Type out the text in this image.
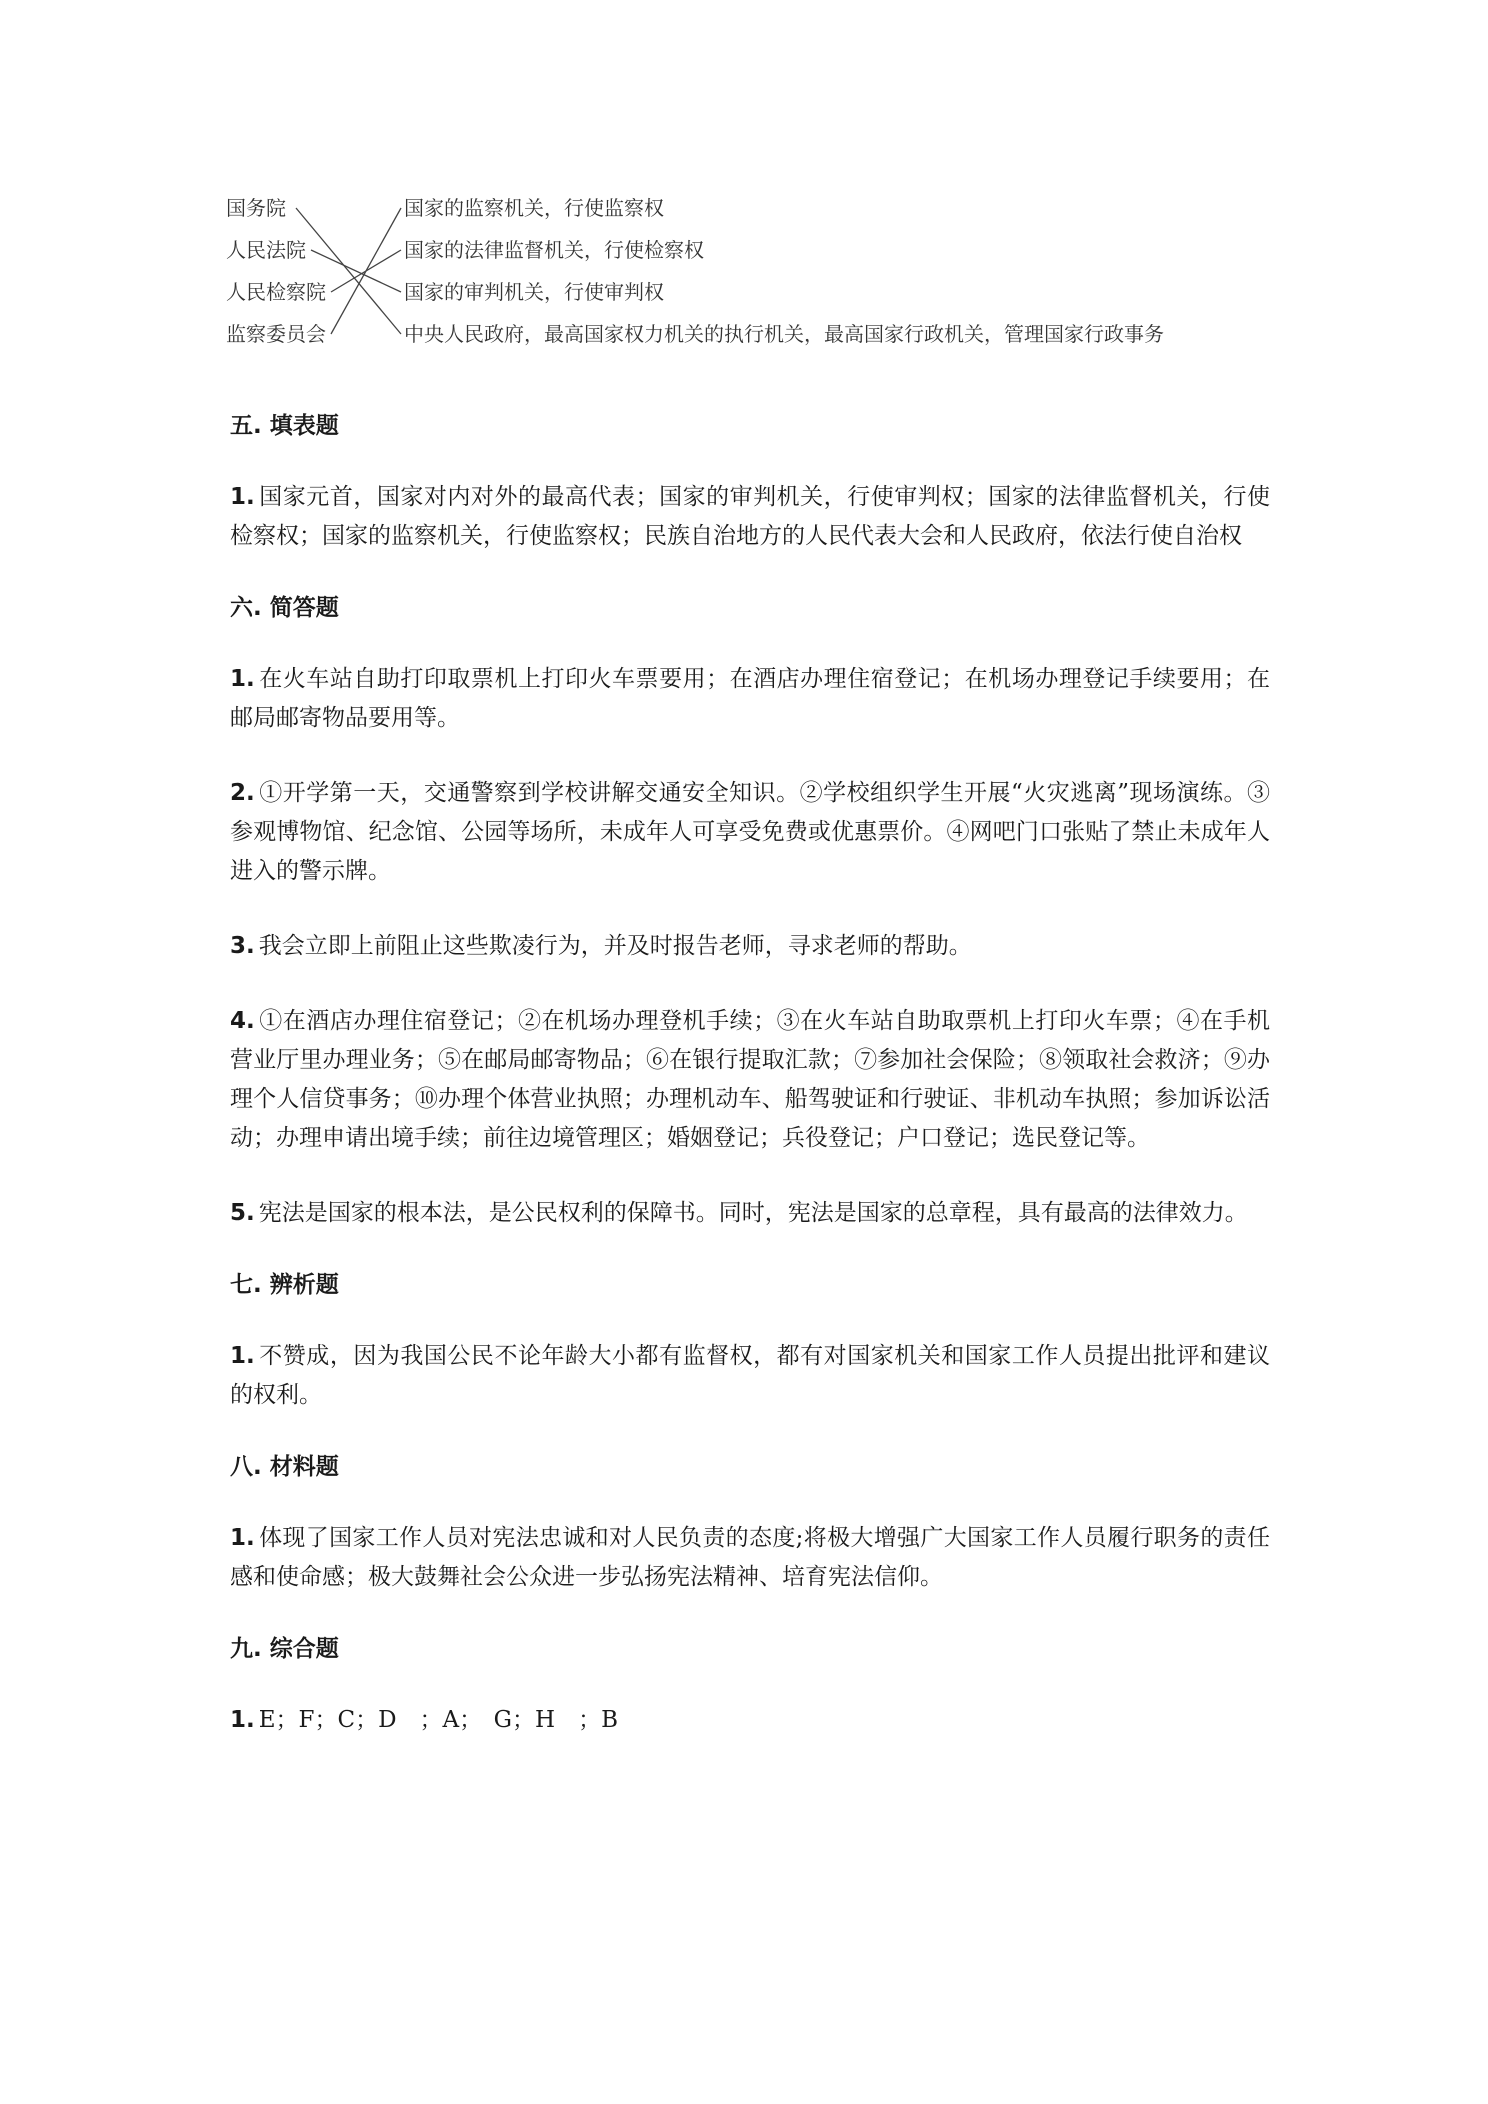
国务院
人民法院
人民检察院
监察委员会
国家的监察机关，行使监察权
国家的法律监督机关，行使检察权
国家的审判机关，行使审判权
中央人民政府，最高国家权力机关的执行机关，最高国家行政机关，管理国家行政事务
五. 填表题

1. 国家元首，国家对内对外的最高代表；国家的审判机关，行使审判权；国家的法律监督机关，行使检察权；国家的监察机关，行使监察权；民族自治地方的人民代表大会和人民政府，依法行使自治权

六. 简答题

1. 在火车站自助打印取票机上打印火车票要用；在酒店办理住宿登记；在机场办理登记手续要用；在邮局邮寄物品要用等。

2. ①开学第一天，交通警察到学校讲解交通安全知识。②学校组织学生开展“火灾逃离”现场演练。③参观博物馆、纪念馆、公园等场所，未成年人可享受免费或优惠票价。④网吧门口张贴了禁止未成年人进入的警示牌。

3. 我会立即上前阻止这些欺凌行为，并及时报告老师，寻求老师的帮助。

4. ①在酒店办理住宿登记；②在机场办理登机手续；③在火车站自助取票机上打印火车票；④在手机营业厅里办理业务；⑤在邮局邮寄物品；⑥在银行提取汇款；⑦参加社会保险；⑧领取社会救济；⑨办理个人信贷事务；⑩办理个体营业执照；办理机动车、船驾驶证和行驶证、非机动车执照；参加诉讼活动；办理申请出境手续；前往边境管理区；婚姻登记；兵役登记；户口登记；选民登记等。

5. 宪法是国家的根本法，是公民权利的保障书。同时，宪法是国家的总章程，具有最高的法律效力。

七. 辨析题

1. 不赞成，因为我国公民不论年龄大小都有监督权，都有对国家机关和国家工作人员提出批评和建议的权利。

八. 材料题

1. 体现了国家工作人员对宪法忠诚和对人民负责的态度;将极大增强广大国家工作人员履行职务的责任感和使命感；极大鼓舞社会公众进一步弘扬宪法精神、培育宪法信仰。

九. 综合题

1. E；F；C；D　；A；　G；H　；B
